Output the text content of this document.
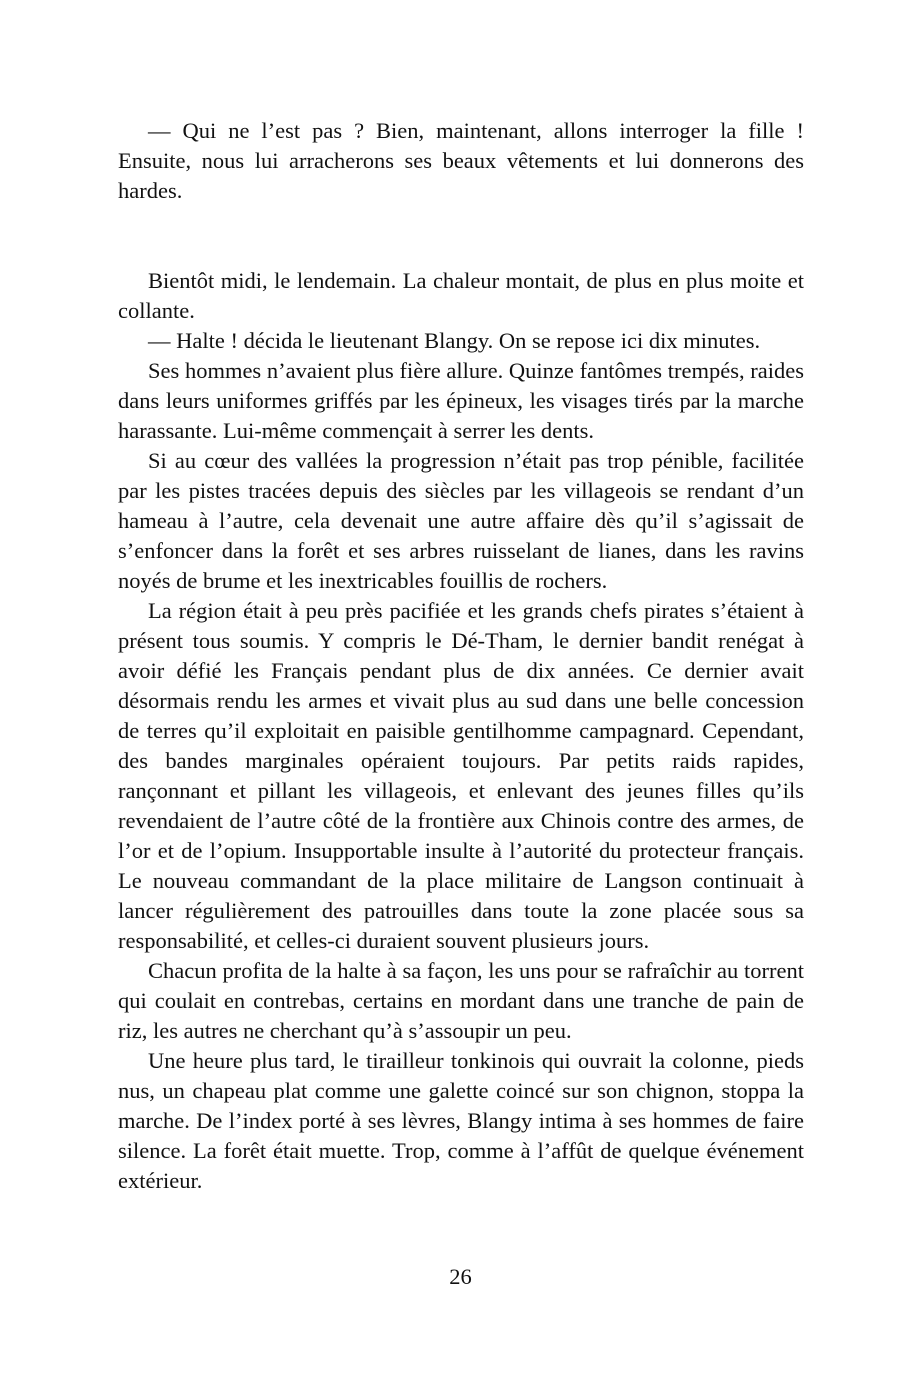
— Qui ne l’est pas ? Bien, maintenant, allons interroger la fille ! Ensuite, nous lui arracherons ses beaux vêtements et lui donnerons des hardes.

Bientôt midi, le lendemain. La chaleur montait, de plus en plus moite et collante.

— Halte ! décida le lieutenant Blangy. On se repose ici dix minutes.

Ses hommes n’avaient plus fière allure. Quinze fantômes trempés, raides dans leurs uniformes griffés par les épineux, les visages tirés par la marche harassante. Lui-même commençait à serrer les dents.

Si au cœur des vallées la progression n’était pas trop pénible, facilitée par les pistes tracées depuis des siècles par les villageois se rendant d’un hameau à l’autre, cela devenait une autre affaire dès qu’il s’agissait de s’enfoncer dans la forêt et ses arbres ruisselant de lianes, dans les ravins noyés de brume et les inextricables fouillis de rochers.

La région était à peu près pacifiée et les grands chefs pirates s’étaient à présent tous soumis. Y compris le Dé-Tham, le dernier bandit renégat à avoir défié les Français pendant plus de dix années. Ce dernier avait désormais rendu les armes et vivait plus au sud dans une belle concession de terres qu’il exploitait en paisible gentilhomme campagnard. Cependant, des bandes marginales opéraient toujours. Par petits raids rapides, rançonnant et pillant les villageois, et enlevant des jeunes filles qu’ils revendaient de l’autre côté de la frontière aux Chinois contre des armes, de l’or et de l’opium. Insupportable insulte à l’autorité du protecteur français. Le nouveau commandant de la place militaire de Langson continuait à lancer régulièrement des patrouilles dans toute la zone placée sous sa responsabilité, et celles-ci duraient souvent plusieurs jours.

Chacun profita de la halte à sa façon, les uns pour se rafraîchir au torrent qui coulait en contrebas, certains en mordant dans une tranche de pain de riz, les autres ne cherchant qu’à s’assoupir un peu.

Une heure plus tard, le tirailleur tonkinois qui ouvrait la colonne, pieds nus, un chapeau plat comme une galette coincé sur son chignon, stoppa la marche. De l’index porté à ses lèvres, Blangy intima à ses hommes de faire silence. La forêt était muette. Trop, comme à l’affût de quelque événement extérieur.

26
